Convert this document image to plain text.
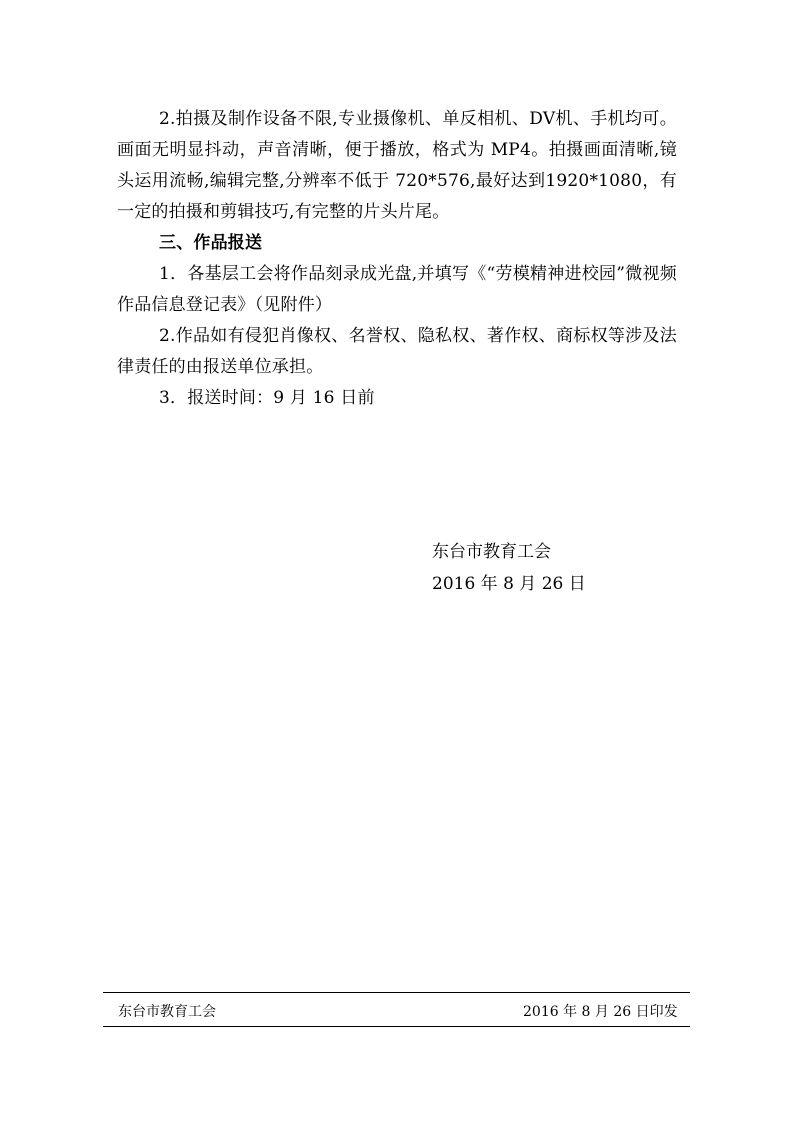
2.拍摄及制作设备不限,专业摄像机、单反相机、DV机、手机均可。画面无明显抖动，声音清晰，便于播放，格式为 MP4。拍摄画面清晰,镜头运用流畅,编辑完整,分辨率不低于 720*576,最好达到1920*1080，有一定的拍摄和剪辑技巧,有完整的片头片尾。

三、作品报送

1．各基层工会将作品刻录成光盘,并填写《“劳模精神进校园”微视频作品信息登记表》（见附件）

2.作品如有侵犯肖像权、名誉权、隐私权、著作权、商标权等涉及法律责任的由报送单位承担。

3．报送时间：9 月 16 日前

东台市教育工会
2016 年 8 月 26 日
东台市教育工会	2016 年 8 月 26 日印发
